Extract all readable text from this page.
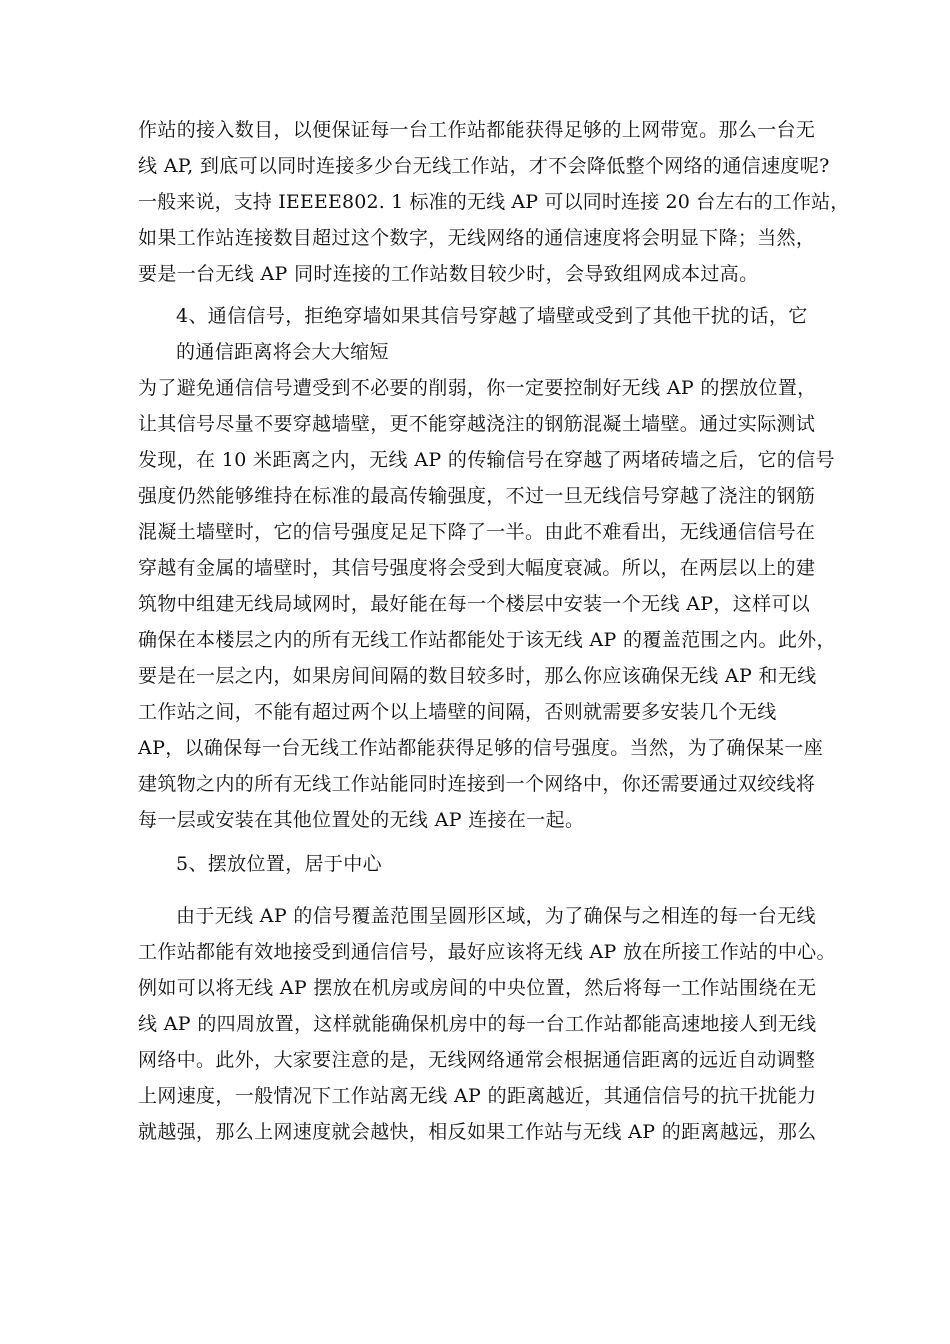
作站的接入数目，以便保证每一台工作站都能获得足够的上网带宽。那么一台无
线 AP, 到底可以同时连接多少台无线工作站，才不会降低整个网络的通信速度呢?
一般来说，支持 IEEEE802. 1 标准的无线 AP 可以同时连接 20 台左右的工作站，
如果工作站连接数目超过这个数字，无线网络的通信速度将会明显下降；当然，
要是一台无线 AP 同时连接的工作站数目较少时，会导致组网成本过高。
4、通信信号，拒绝穿墙如果其信号穿越了墙壁或受到了其他干扰的话，它
的通信距离将会大大缩短
为了避免通信信号遭受到不必要的削弱，你一定要控制好无线 AP 的摆放位置，
让其信号尽量不要穿越墙壁，更不能穿越浇注的钢筋混凝土墙壁。通过实际测试
发现，在 10 米距离之内，无线 AP 的传输信号在穿越了两堵砖墙之后，它的信号
强度仍然能够维持在标准的最高传输强度，不过一旦无线信号穿越了浇注的钢筋
混凝土墙壁时，它的信号强度足足下降了一半。由此不难看出，无线通信信号在
穿越有金属的墙壁时，其信号强度将会受到大幅度衰减。所以，在两层以上的建
筑物中组建无线局域网时，最好能在每一个楼层中安装一个无线 AP，这样可以
确保在本楼层之内的所有无线工作站都能处于该无线 AP 的覆盖范围之内。此外，
要是在一层之内，如果房间间隔的数目较多时，那么你应该确保无线 AP 和无线
工作站之间，不能有超过两个以上墙壁的间隔，否则就需要多安装几个无线
AP，以确保每一台无线工作站都能获得足够的信号强度。当然，为了确保某一座
建筑物之内的所有无线工作站能同时连接到一个网络中，你还需要通过双绞线将
每一层或安装在其他位置处的无线 AP 连接在一起。
5、摆放位置，居于中心
由于无线 AP 的信号覆盖范围呈圆形区域，为了确保与之相连的每一台无线
工作站都能有效地接受到通信信号，最好应该将无线 AP 放在所接工作站的中心。
例如可以将无线 AP 摆放在机房或房间的中央位置，然后将每一工作站围绕在无
线 AP 的四周放置，这样就能确保机房中的每一台工作站都能高速地接人到无线
网络中。此外，大家要注意的是，无线网络通常会根据通信距离的远近自动调整
上网速度，一般情况下工作站离无线 AP 的距离越近，其通信信号的抗干扰能力
就越强，那么上网速度就会越快，相反如果工作站与无线 AP 的距离越远，那么
